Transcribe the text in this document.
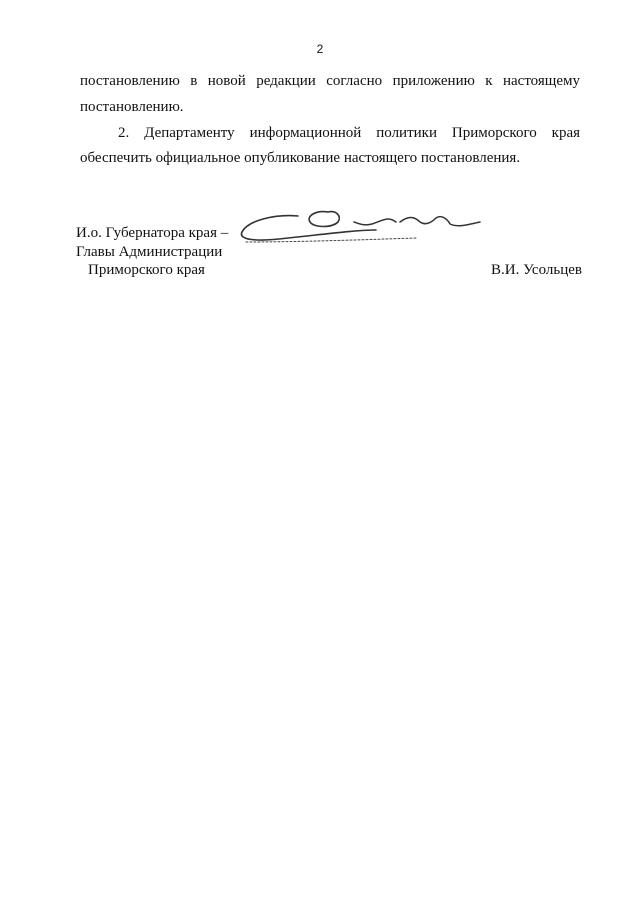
2
постановлению в новой редакции согласно приложению к настоящему
постановлению.
2. Департаменту информационной политики Приморского края
обеспечить официальное опубликование настоящего постановления.
И.о. Губернатора края –
Главы Администрации
Приморского края	В.И. Усольцев
